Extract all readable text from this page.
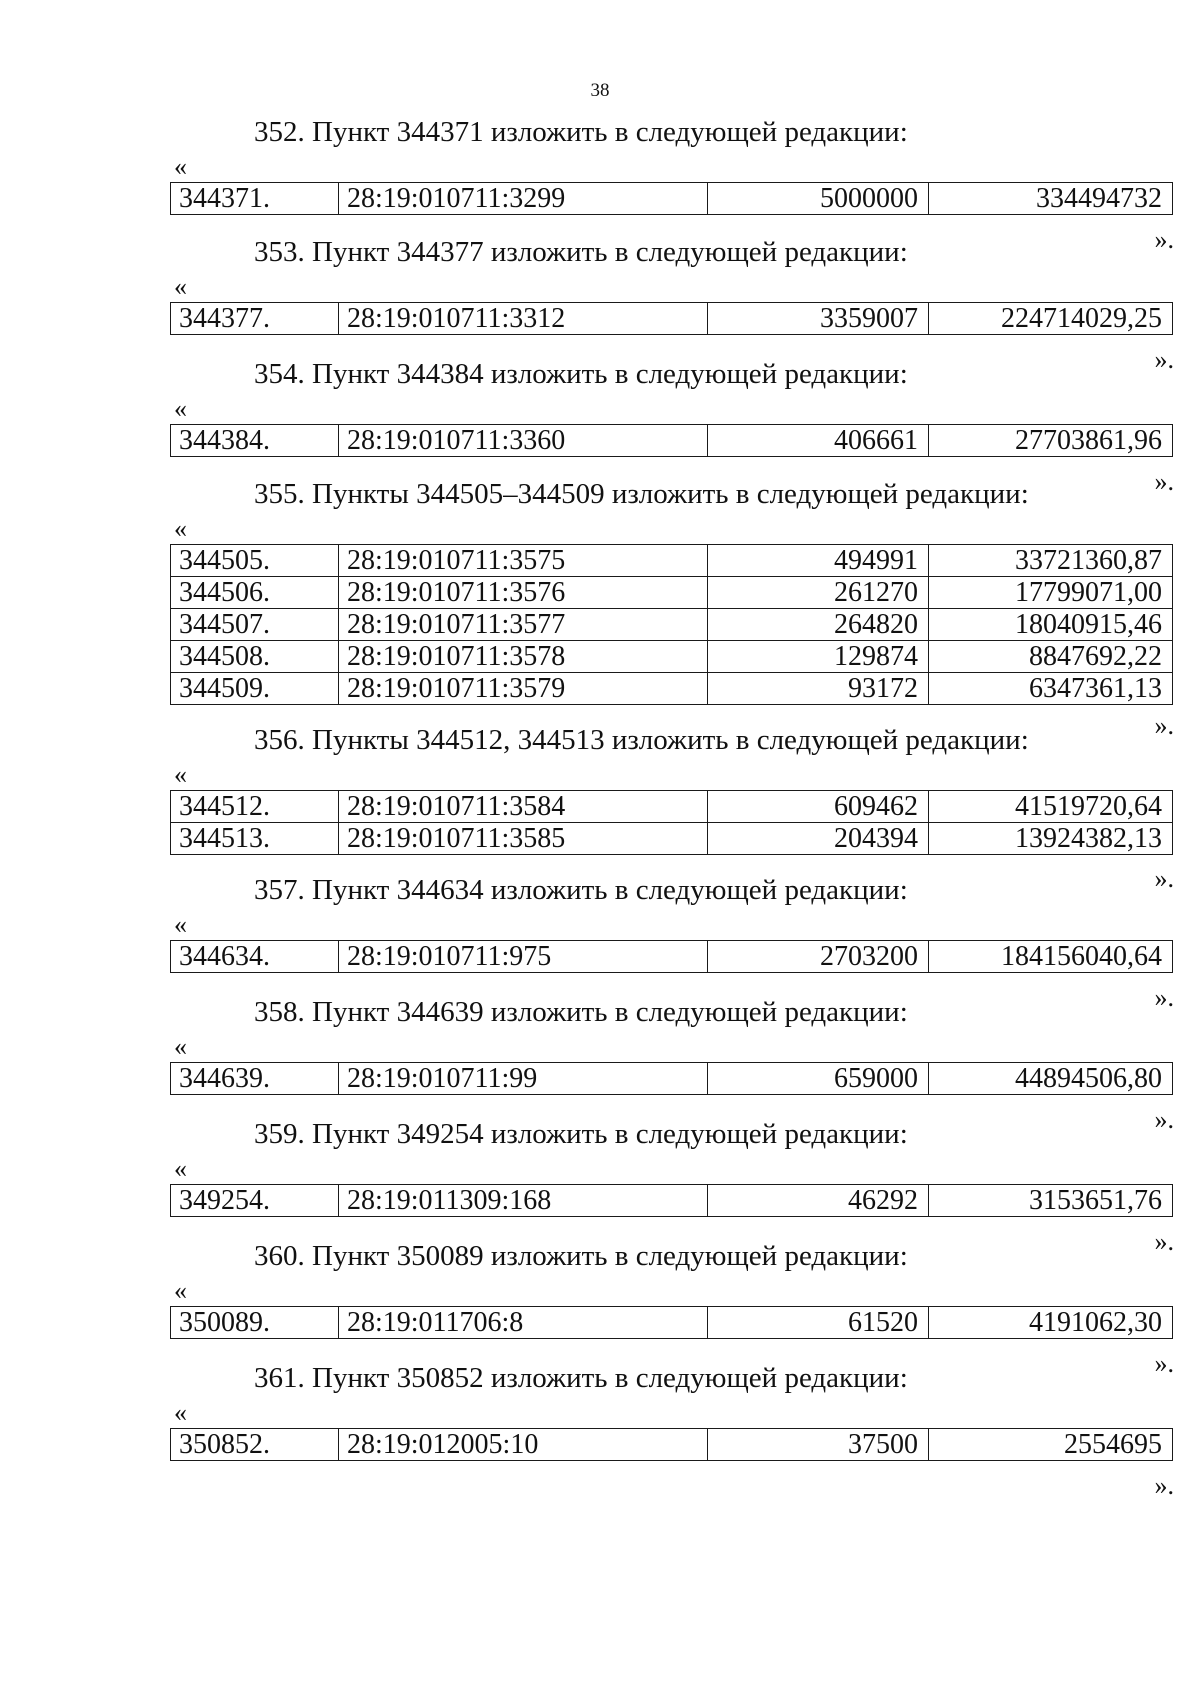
38
352. Пункт 344371 изложить в следующей редакции:
«
344371.	28:19:010711:3299	5000000	334494732
».
353. Пункт 344377 изложить в следующей редакции:
«
344377.	28:19:010711:3312	3359007	224714029,25
».
354. Пункт 344384 изложить в следующей редакции:
«
344384.	28:19:010711:3360	406661	27703861,96
».
355. Пункты 344505–344509 изложить в следующей редакции:
«
344505.	28:19:010711:3575	494991	33721360,87
344506.	28:19:010711:3576	261270	17799071,00
344507.	28:19:010711:3577	264820	18040915,46
344508.	28:19:010711:3578	129874	8847692,22
344509.	28:19:010711:3579	93172	6347361,13
».
356. Пункты 344512, 344513 изложить в следующей редакции:
«
344512.	28:19:010711:3584	609462	41519720,64
344513.	28:19:010711:3585	204394	13924382,13
».
357. Пункт 344634 изложить в следующей редакции:
«
344634.	28:19:010711:975	2703200	184156040,64
».
358. Пункт 344639 изложить в следующей редакции:
«
344639.	28:19:010711:99	659000	44894506,80
».
359. Пункт 349254 изложить в следующей редакции:
«
349254.	28:19:011309:168	46292	3153651,76
».
360. Пункт 350089 изложить в следующей редакции:
«
350089.	28:19:011706:8	61520	4191062,30
».
361. Пункт 350852 изложить в следующей редакции:
«
350852.	28:19:012005:10	37500	2554695
».
